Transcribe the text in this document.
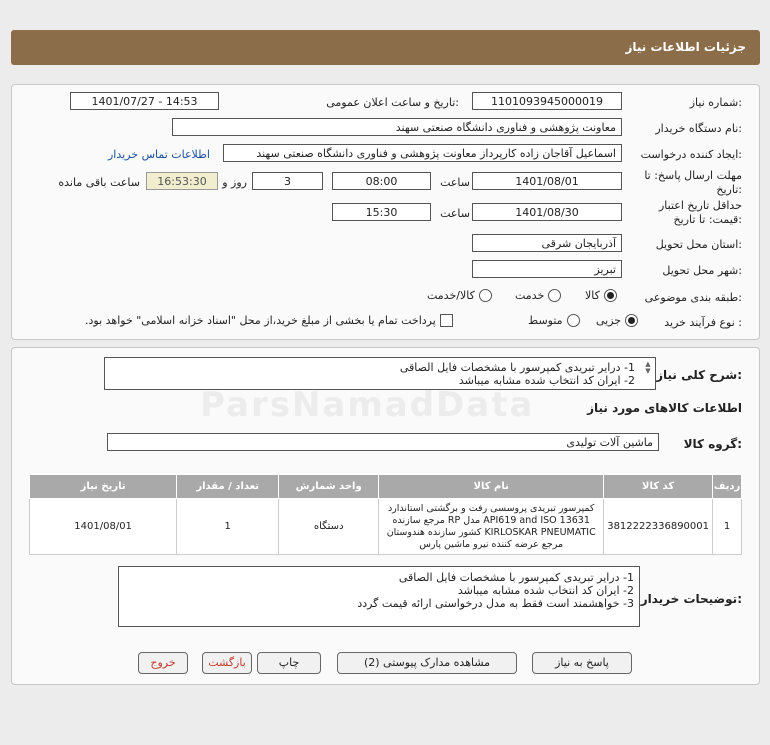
جزئیات اطلاعات نیاز
شماره نیاز:
1101093945000019
تاریخ و ساعت اعلان عمومی:
1401/07/27 - 14:53
نام دستگاه خریدار:
معاونت پژوهشی و فناوری دانشگاه صنعتی سهند
ایجاد کننده درخواست:
اسماعیل آقاجان زاده کارپرداز معاونت پژوهشی و فناوری دانشگاه صنعتی سهند
اطلاعات تماس خریدار
مهلت ارسال پاسخ: تا تاریخ:
1401/08/01
ساعت
08:00
3
روز و
16:53:30
ساعت باقی مانده
حداقل تاریخ اعتبار قیمت: تا تاریخ:
1401/08/30
ساعت
15:30
استان محل تحویل:
آذربایجان شرقی
شهر محل تحویل:
تبریز
طبقه بندی موضوعی:
کالا
خدمت
کالا/خدمت
نوع فرآیند خرید :
جزیی
متوسط
پرداخت تمام یا بخشی از مبلغ خرید،از محل "اسناد خزانه اسلامی" خواهد بود.
شرح کلی نیاز:
1- درایر تبریدی کمپرسور با مشخصات فایل الصاقی
2- ایران کد انتخاب شده مشابه میباشد
▲
▼
اطلاعات کالاهای مورد نیاز
گروه کالا:
ماشین آلات تولیدی
ردیف	کد کالا	نام کالا	واحد شمارش	تعداد / مقدار	تاریخ نیاز
1	3812222336890001	کمپرسور تبریدی پروسسی رفت و برگشتی استاندارد API619 and ISO 13631 مدل RP مرجع سازنده KIRLOSKAR PNEUMATIC کشور سازنده هندوستان مرجع عرضه کننده نیرو ماشین پارس	دستگاه	1	1401/08/01
توضیحات خریدار:
1- درایر تبریدی کمپرسور با مشخصات فایل الصاقی
2- ایران کد انتخاب شده مشابه میباشد
3- خواهشمند است فقط به مدل درخواستی ارائه قیمت گردد
پاسخ به نیاز
مشاهده مدارک پیوستی (2)
چاپ
بازگشت
خروج
